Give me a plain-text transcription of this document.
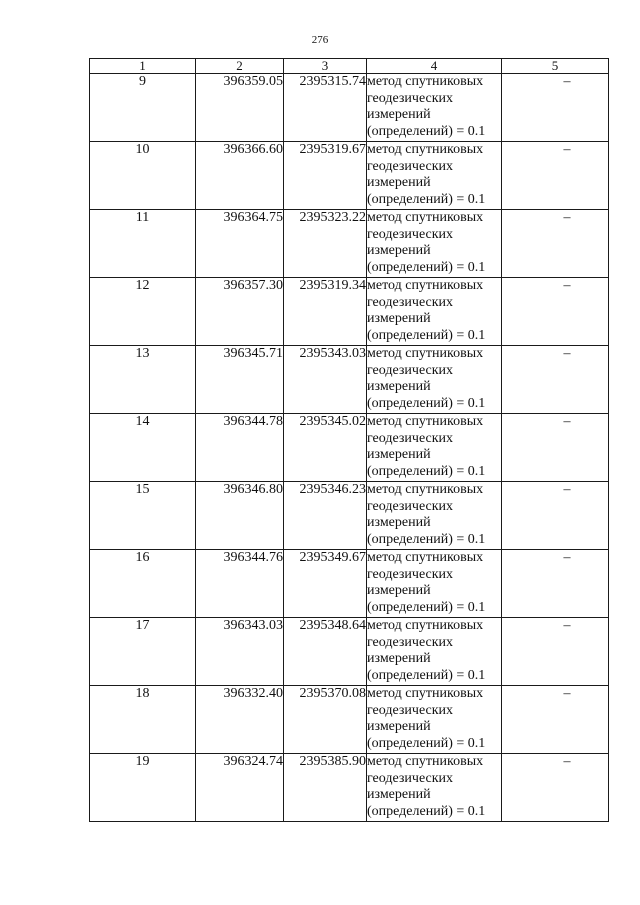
276
1	2	3	4	5
9	396359.05	2395315.74	метод спутниковых
геодезических
измерений
(определений) = 0.1	–
10	396366.60	2395319.67	метод спутниковых
геодезических
измерений
(определений) = 0.1	–
11	396364.75	2395323.22	метод спутниковых
геодезических
измерений
(определений) = 0.1	–
12	396357.30	2395319.34	метод спутниковых
геодезических
измерений
(определений) = 0.1	–
13	396345.71	2395343.03	метод спутниковых
геодезических
измерений
(определений) = 0.1	–
14	396344.78	2395345.02	метод спутниковых
геодезических
измерений
(определений) = 0.1	–
15	396346.80	2395346.23	метод спутниковых
геодезических
измерений
(определений) = 0.1	–
16	396344.76	2395349.67	метод спутниковых
геодезических
измерений
(определений) = 0.1	–
17	396343.03	2395348.64	метод спутниковых
геодезических
измерений
(определений) = 0.1	–
18	396332.40	2395370.08	метод спутниковых
геодезических
измерений
(определений) = 0.1	–
19	396324.74	2395385.90	метод спутниковых
геодезических
измерений
(определений) = 0.1	–
